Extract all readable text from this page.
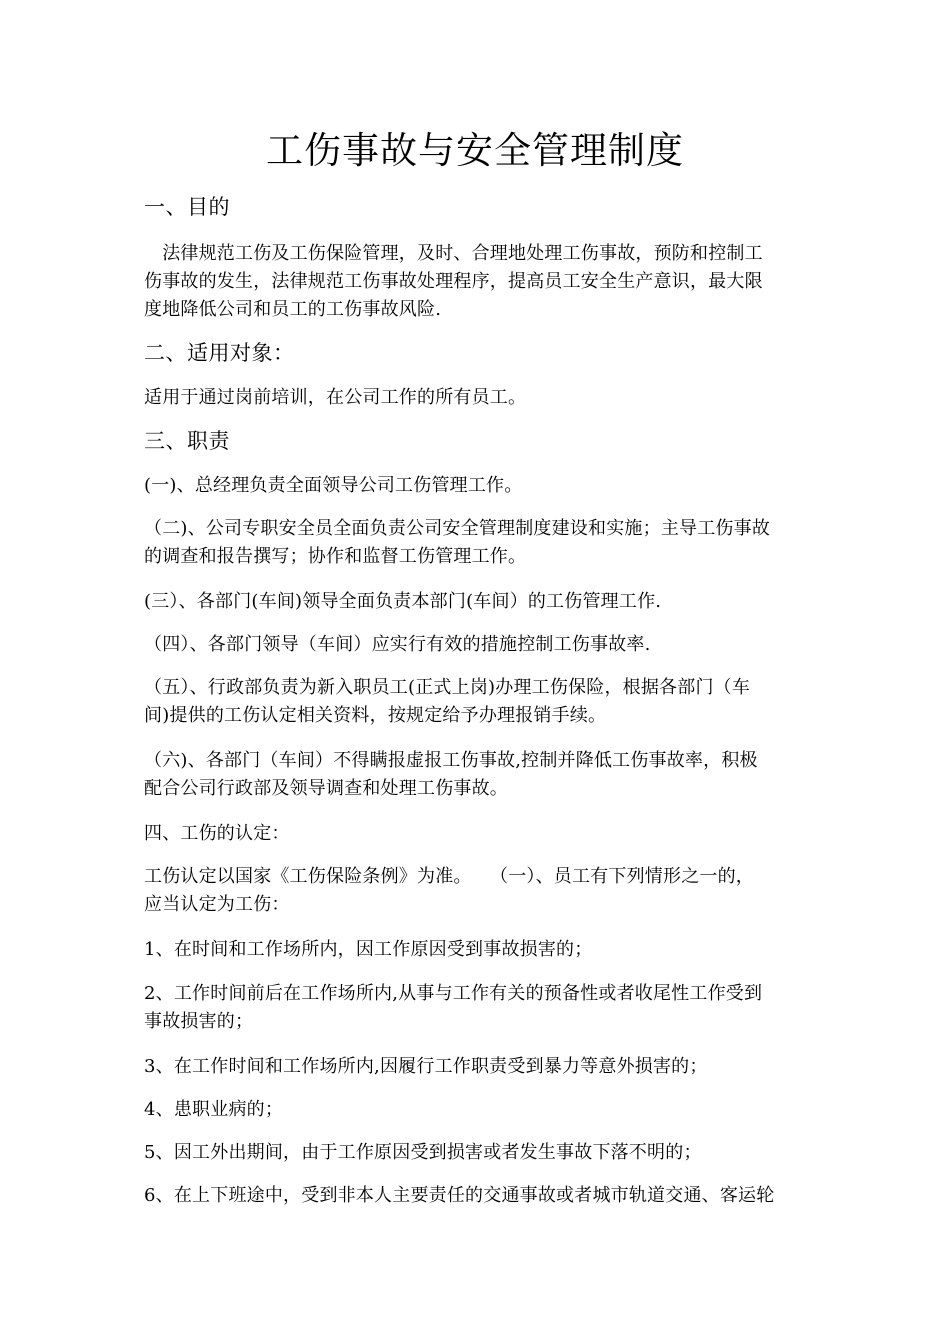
工伤事故与安全管理制度
一、目的
　法律规范工伤及工伤保险管理，及时、合理地处理工伤事故，预防和控制工
伤事故的发生，法律规范工伤事故处理程序，提高员工安全生产意识，最大限
度地降低公司和员工的工伤事故风险.
二、适用对象：
适用于通过岗前培训，在公司工作的所有员工。
三、职责
(一)、总经理负责全面领导公司工伤管理工作。
（二)、公司专职安全员全面负责公司安全管理制度建设和实施；主导工伤事故
的调查和报告撰写；协作和监督工伤管理工作。
(三）、各部门(车间)领导全面负责本部门(车间）的工伤管理工作.
（四）、各部门领导（车间）应实行有效的措施控制工伤事故率.
（五）、行政部负责为新入职员工(正式上岗)办理工伤保险，根据各部门（车
间)提供的工伤认定相关资料，按规定给予办理报销手续。
（六)、各部门（车间）不得瞒报虚报工伤事故,控制并降低工伤事故率，积极
配合公司行政部及领导调查和处理工伤事故。
四、工伤的认定：
工伤认定以国家《工伤保险条例》为准。　　（一）、员工有下列情形之一的，
应当认定为工伤：
1、在时间和工作场所内，因工作原因受到事故损害的；
2、工作时间前后在工作场所内,从事与工作有关的预备性或者收尾性工作受到
事故损害的；
3、在工作时间和工作场所内,因履行工作职责受到暴力等意外损害的；
4、患职业病的；
5、因工外出期间，由于工作原因受到损害或者发生事故下落不明的；
6、在上下班途中，受到非本人主要责任的交通事故或者城市轨道交通、客运轮
